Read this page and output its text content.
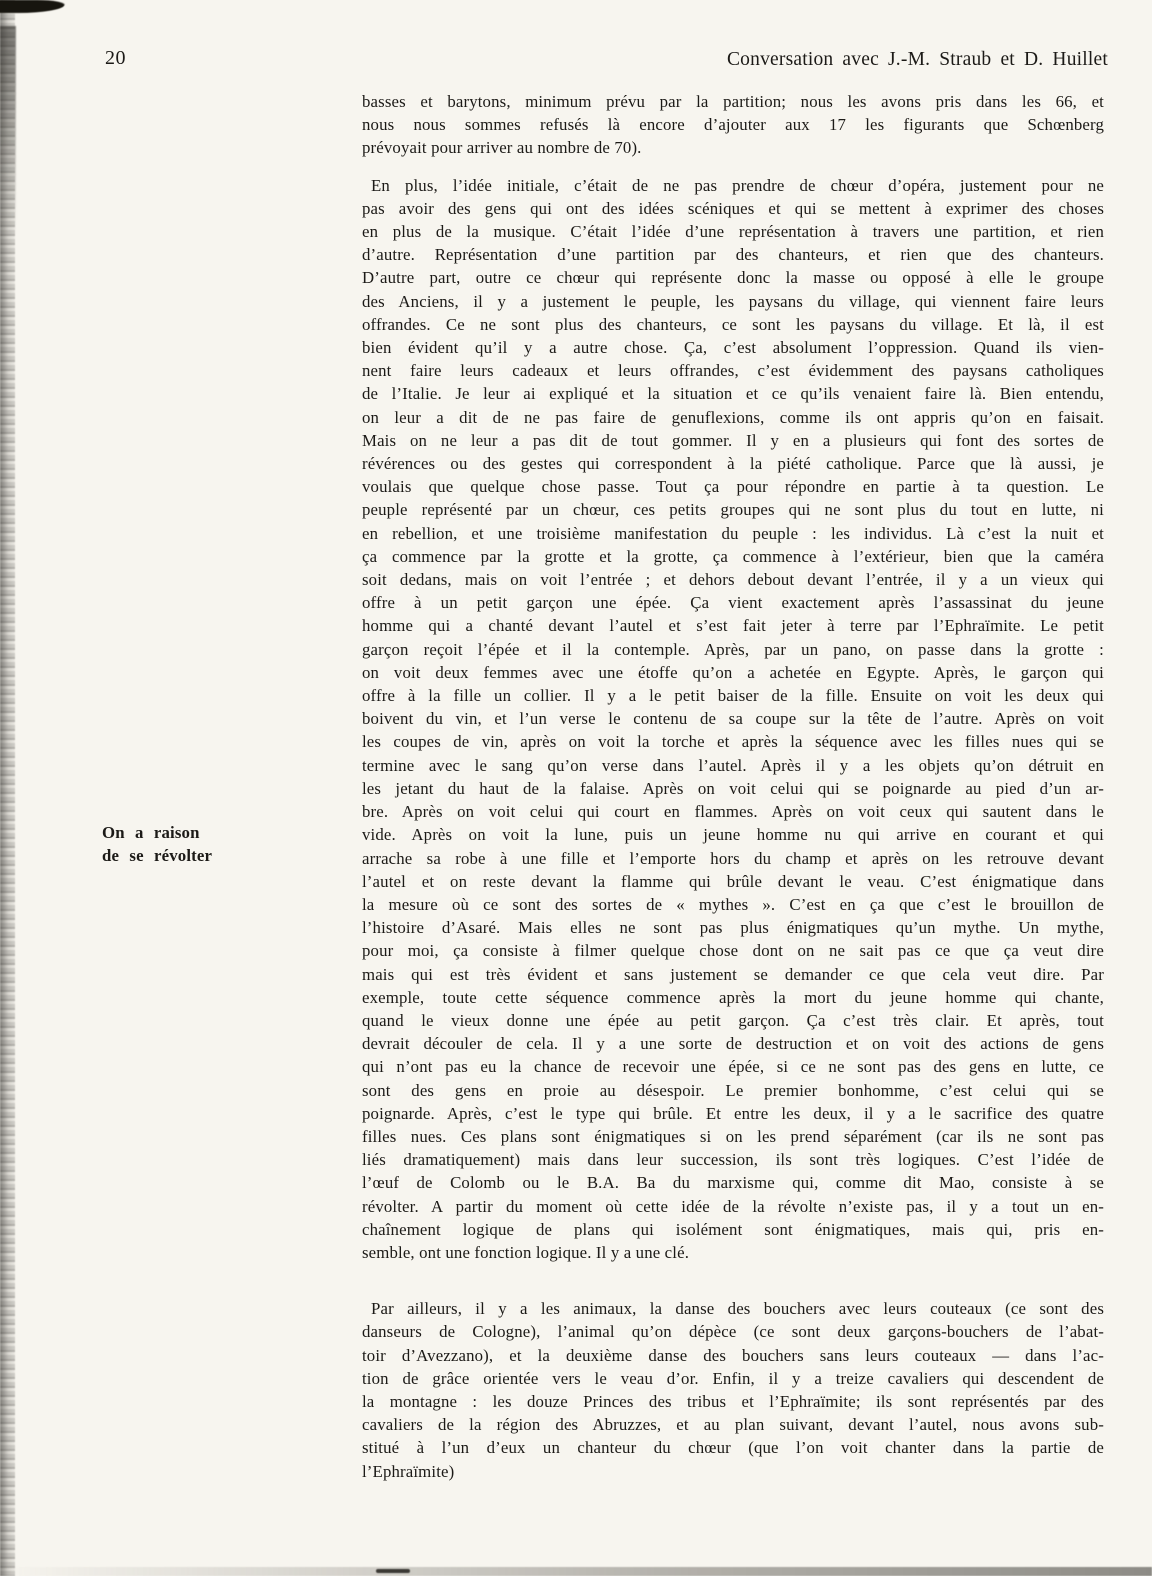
20	Conversation avec J.-M. Straub et D. Huillet
On a raison
de se révolter
basses et barytons, minimum prévu par la partition; nous les avons pris dans les 66, et
nous nous sommes refusés là encore d’ajouter aux 17 les figurants que Schœnberg
prévoyait pour arriver au nombre de 70).
En plus, l’idée initiale, c’était de ne pas prendre de chœur d’opéra, justement pour ne
pas avoir des gens qui ont des idées scéniques et qui se mettent à exprimer des choses
en plus de la musique. C’était l’idée d’une représentation à travers une partition, et rien
d’autre. Représentation d’une partition par des chanteurs, et rien que des chanteurs.
D’autre part, outre ce chœur qui représente donc la masse ou opposé à elle le groupe
des Anciens, il y a justement le peuple, les paysans du village, qui viennent faire leurs
offrandes. Ce ne sont plus des chanteurs, ce sont les paysans du village. Et là, il est
bien évident qu’il y a autre chose. Ça, c’est absolument l’oppression. Quand ils vien-
nent faire leurs cadeaux et leurs offrandes, c’est évidemment des paysans catholiques
de l’Italie. Je leur ai expliqué et la situation et ce qu’ils venaient faire là. Bien entendu,
on leur a dit de ne pas faire de genuflexions, comme ils ont appris qu’on en faisait.
Mais on ne leur a pas dit de tout gommer. Il y en a plusieurs qui font des sortes de
révérences ou des gestes qui correspondent à la piété catholique. Parce que là aussi, je
voulais que quelque chose passe. Tout ça pour répondre en partie à ta question. Le
peuple représenté par un chœur, ces petits groupes qui ne sont plus du tout en lutte, ni
en rebellion, et une troisième manifestation du peuple : les individus. Là c’est la nuit et
ça commence par la grotte et la grotte, ça commence à l’extérieur, bien que la caméra
soit dedans, mais on voit l’entrée ; et dehors debout devant l’entrée, il y a un vieux qui
offre à un petit garçon une épée. Ça vient exactement après l’assassinat du jeune
homme qui a chanté devant l’autel et s’est fait jeter à terre par l’Ephraïmite. Le petit
garçon reçoit l’épée et il la contemple. Après, par un pano, on passe dans la grotte :
on voit deux femmes avec une étoffe qu’on a achetée en Egypte. Après, le garçon qui
offre à la fille un collier. Il y a le petit baiser de la fille. Ensuite on voit les deux qui
boivent du vin, et l’un verse le contenu de sa coupe sur la tête de l’autre. Après on voit
les coupes de vin, après on voit la torche et après la séquence avec les filles nues qui se
termine avec le sang qu’on verse dans l’autel. Après il y a les objets qu’on détruit en
les jetant du haut de la falaise. Après on voit celui qui se poignarde au pied d’un ar-
bre. Après on voit celui qui court en flammes. Après on voit ceux qui sautent dans le
vide. Après on voit la lune, puis un jeune homme nu qui arrive en courant et qui
arrache sa robe à une fille et l’emporte hors du champ et après on les retrouve devant
l’autel et on reste devant la flamme qui brûle devant le veau. C’est énigmatique dans
la mesure où ce sont des sortes de « mythes ». C’est en ça que c’est le brouillon de
l’histoire d’Asaré. Mais elles ne sont pas plus énigmatiques qu’un mythe. Un mythe,
pour moi, ça consiste à filmer quelque chose dont on ne sait pas ce que ça veut dire
mais qui est très évident et sans justement se demander ce que cela veut dire. Par
exemple, toute cette séquence commence après la mort du jeune homme qui chante,
quand le vieux donne une épée au petit garçon. Ça c’est très clair. Et après, tout
devrait découler de cela. Il y a une sorte de destruction et on voit des actions de gens
qui n’ont pas eu la chance de recevoir une épée, si ce ne sont pas des gens en lutte, ce
sont des gens en proie au désespoir. Le premier bonhomme, c’est celui qui se
poignarde. Après, c’est le type qui brûle. Et entre les deux, il y a le sacrifice des quatre
filles nues. Ces plans sont énigmatiques si on les prend séparément (car ils ne sont pas
liés dramatiquement) mais dans leur succession, ils sont très logiques. C’est l’idée de
l’œuf de Colomb ou le B.A. Ba du marxisme qui, comme dit Mao, consiste à se
révolter. A partir du moment où cette idée de la révolte n’existe pas, il y a tout un en-
chaînement logique de plans qui isolément sont énigmatiques, mais qui, pris en-
semble, ont une fonction logique. Il y a une clé.
Par ailleurs, il y a les animaux, la danse des bouchers avec leurs couteaux (ce sont des
danseurs de Cologne), l’animal qu’on dépèce (ce sont deux garçons-bouchers de l’abat-
toir d’Avezzano), et la deuxième danse des bouchers sans leurs couteaux — dans l’ac-
tion de grâce orientée vers le veau d’or. Enfin, il y a treize cavaliers qui descendent de
la montagne : les douze Princes des tribus et l’Ephraïmite; ils sont représentés par des
cavaliers de la région des Abruzzes, et au plan suivant, devant l’autel, nous avons sub-
stitué à l’un d’eux un chanteur du chœur (que l’on voit chanter dans la partie de
l’Ephraïmite)
